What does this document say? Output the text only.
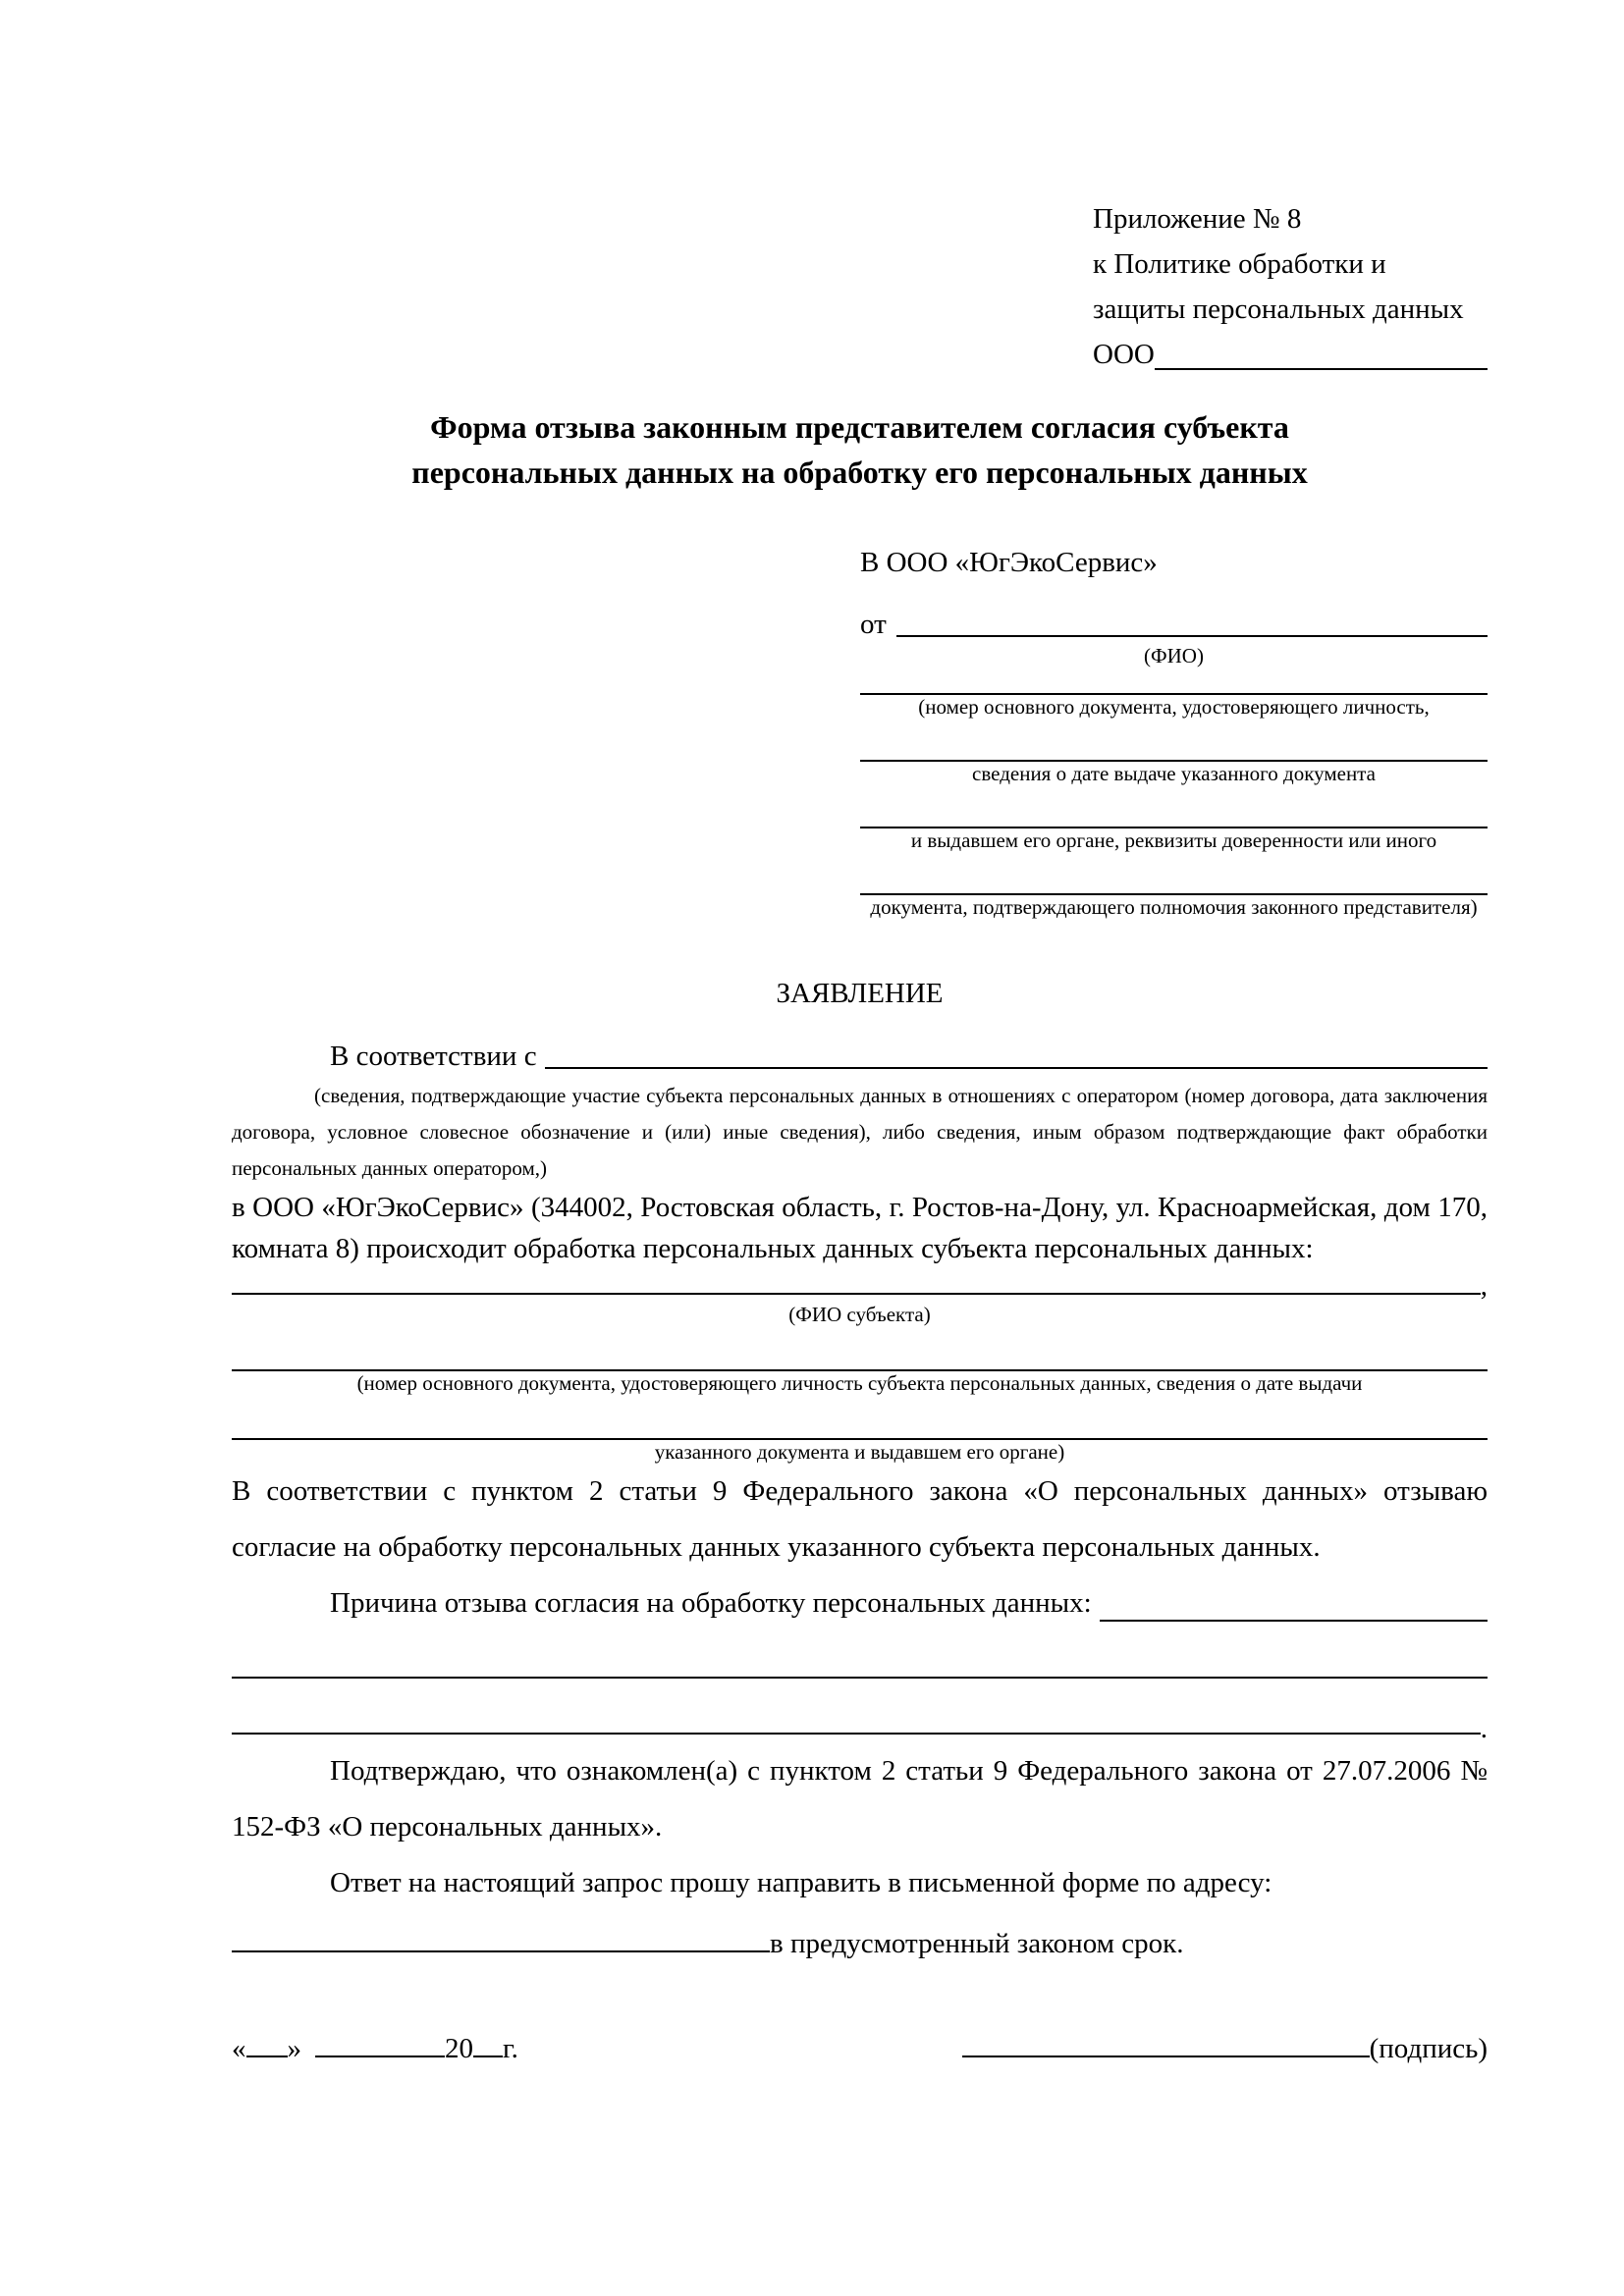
Приложение № 8
к Политике обработки и
защиты персональных данных
ООО
Форма отзыва законным представителем согласия субъекта персональных данных на обработку его персональных данных
В ООО «ЮгЭкоСервис»
от
(ФИО)
(номер основного документа, удостоверяющего личность,
сведения о дате выдаче указанного документа
и выдавшем его органе, реквизиты доверенности или иного
документа, подтверждающего полномочия законного представителя)
ЗАЯВЛЕНИЕ
В соответствии с
(сведения, подтверждающие участие субъекта персональных данных в отношениях с оператором (номер договора, дата заключения договора, условное словесное обозначение и (или) иные сведения), либо сведения, иным образом подтверждающие факт обработки персональных данных оператором,)

в ООО «ЮгЭкоСервис» (344002, Ростовская область, г. Ростов-на-Дону, ул. Красноармейская, дом 170, комната 8) происходит обработка персональных данных субъекта персональных данных:

,
(ФИО субъекта)
(номер основного документа, удостоверяющего личность субъекта персональных данных, сведения о дате выдачи
указанного документа и выдавшем его органе)

В соответствии с пунктом 2 статьи 9 Федерального закона «О персональных данных» отзываю согласие на обработку персональных данных указанного субъекта персональных данных.

Причина отзыва согласия на обработку персональных данных:
.

Подтверждаю, что ознакомлен(а) с пунктом 2 статьи 9 Федерального закона от 27.07.2006 № 152-ФЗ «О персональных данных».

Ответ на настоящий запрос прошу направить в письменной форме по адресу:

в предусмотренный законом срок.
« »	20 г.	(подпись)
